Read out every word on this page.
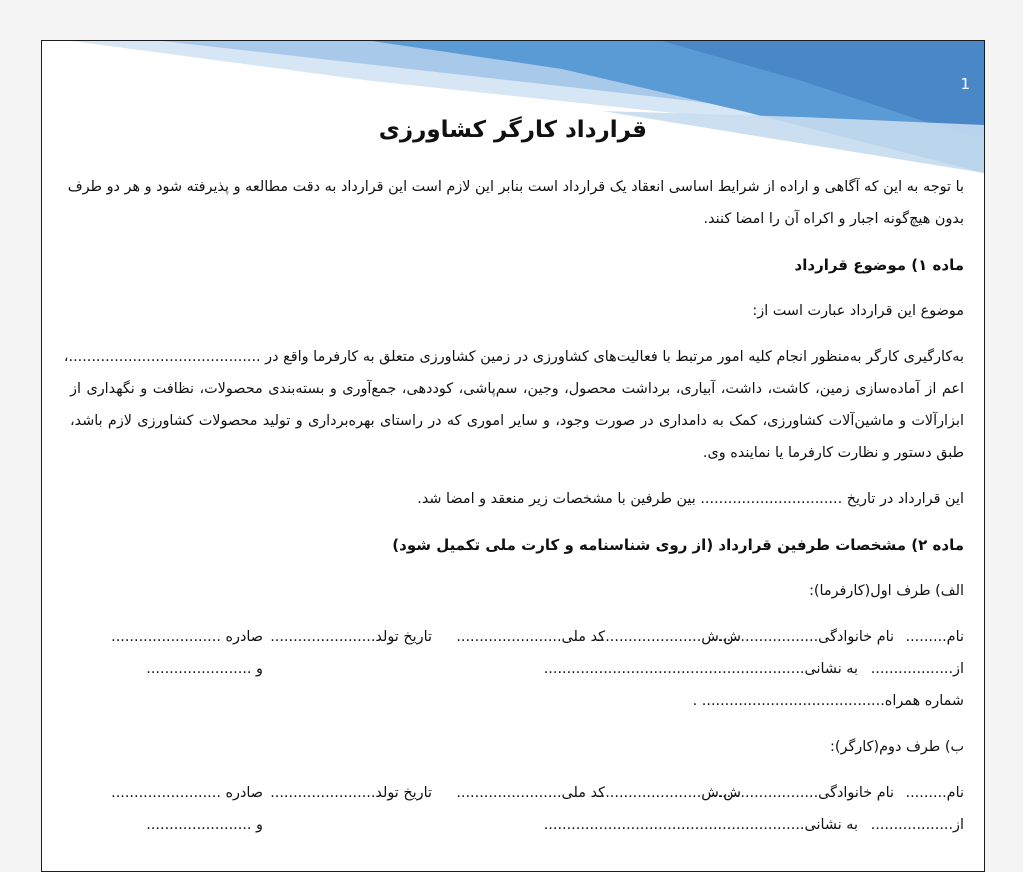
1
قرارداد کارگر کشاورزی
با توجه به این که آگاهی و اراده از شرایط اساسی انعقاد یک قرارداد است بنابر این لازم است این قرارداد به دقت مطالعه و پذیرفته شود و هر دو طرف
بدون هیچ‌گونه اجبار و اکراه آن را امضا کنند.
ماده ۱) موضوع قرارداد
موضوع این قرارداد عبارت است از:
به‌کارگیری کارگر به‌منظور انجام کلیه امور مرتبط با فعالیت‌های کشاورزی در زمین کشاورزی متعلق به کارفرما واقع در ..........................................،
اعم از آماده‌سازی زمین، کاشت، داشت، آبیاری، برداشت محصول، وجین، سم‌پاشی، کوددهی، جمع‌آوری و بسته‌بندی محصولات، نظافت و نگهداری از
ابزارآلات و ماشین‌آلات کشاورزی، کمک به دامداری در صورت وجود، و سایر اموری که در راستای بهره‌برداری و تولید محصولات کشاورزی لازم باشد،
طبق دستور و نظارت کارفرما یا نماینده وی.
این قرارداد در تاریخ ............................... بین طرفین با مشخصات زیر منعقد و امضا شد.
ماده ۲) مشخصات طرفین قرارداد (از روی شناسنامه و کارت ملی تکمیل شود)
الف) طرف اول(کارفرما):
نام.........
نام خانوادگی.......................
ش.ش.......................
کد ملی.......................
تاریخ تولد.......................
صادره ........................
از..................
به نشانی.........................................................
و .......................
شماره همراه........................................ .
ب) طرف دوم(کارگر):
نام.........
نام خانوادگی.......................
ش.ش.......................
کد ملی.......................
تاریخ تولد.......................
صادره ........................
از..................
به نشانی.........................................................
و .......................
